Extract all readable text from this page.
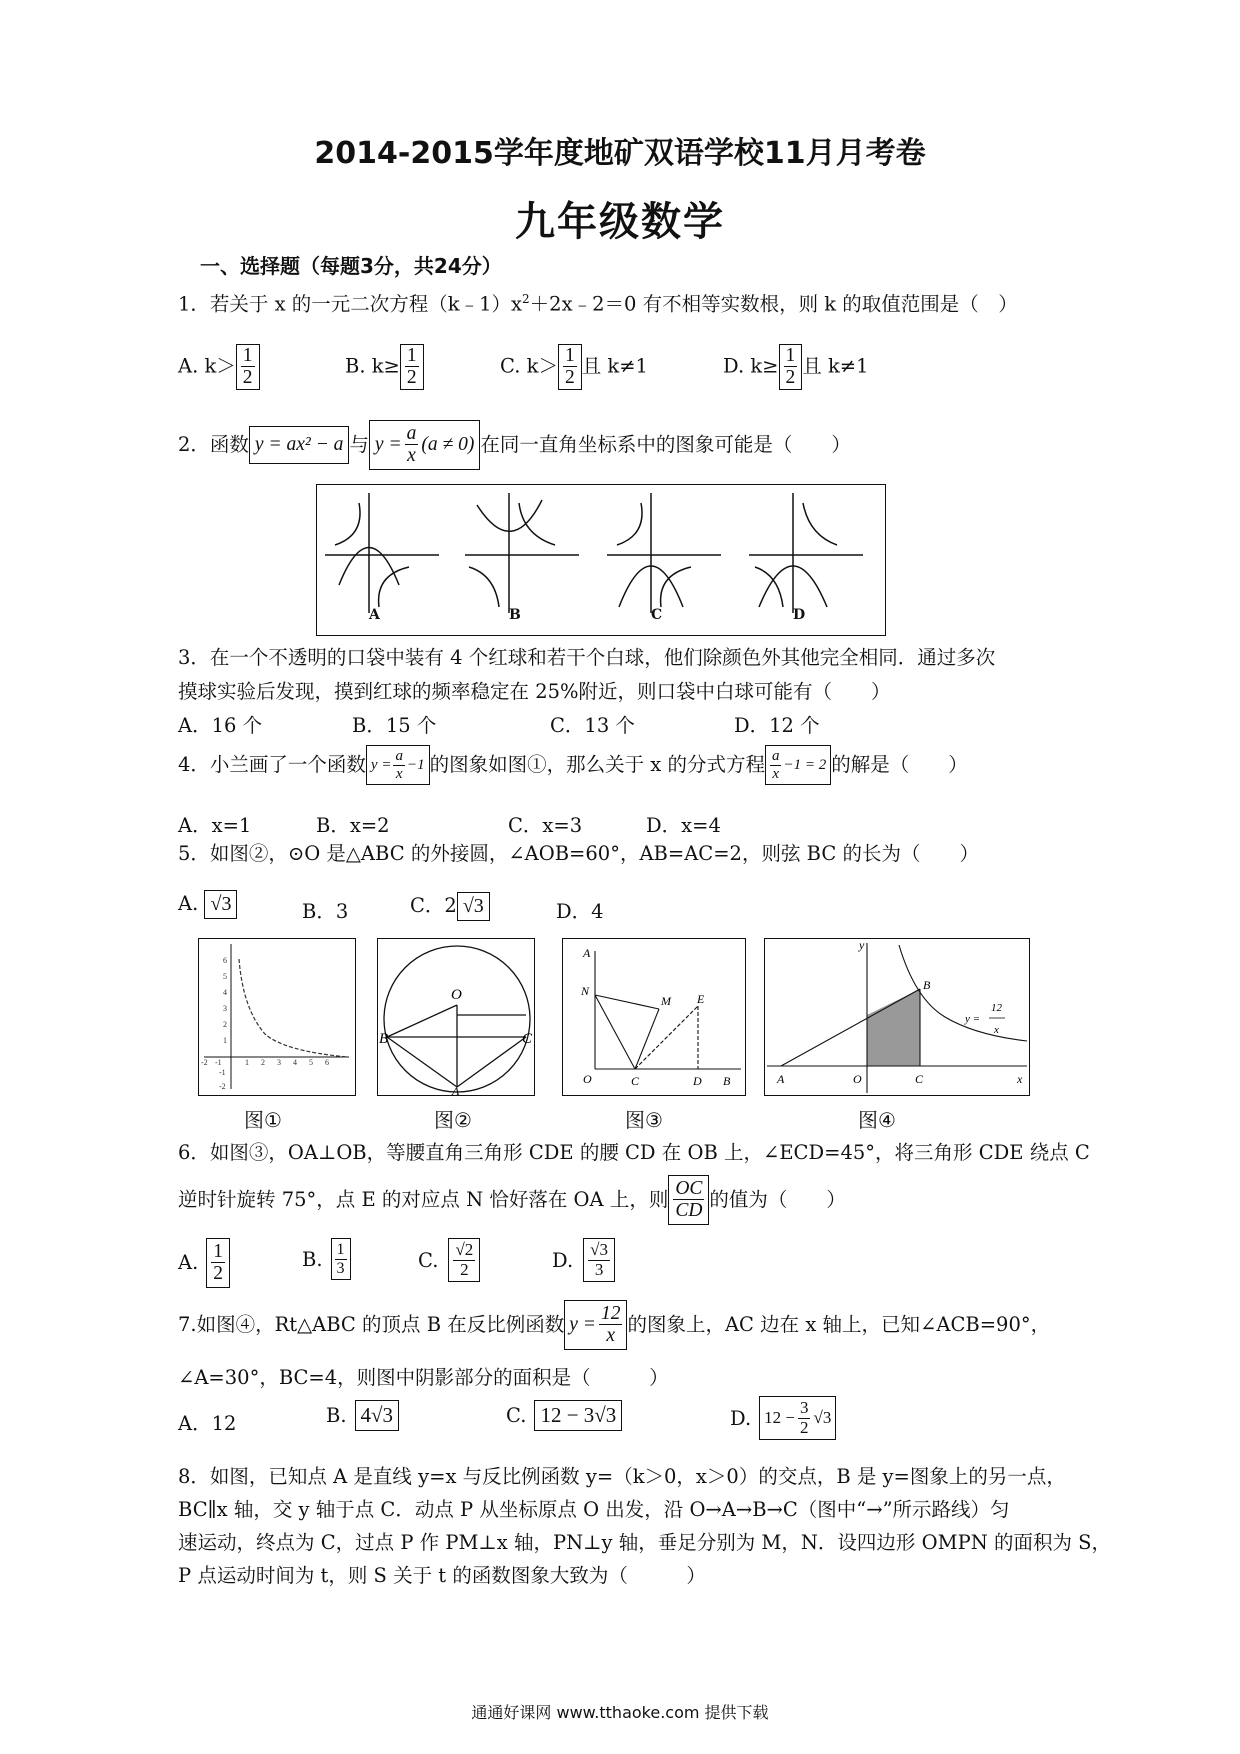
2014-2015学年度地矿双语学校11月月考卷
九年级数学
一、选择题（每题3分，共24分）
1．若关于 x 的一元二次方程$(k﹣1)x^2+2x﹣2=0$ 有不相等实数根，则 k 的取值范围是（　）
A. $k> \frac{1}{2}$	B. $k\ge \frac{1}{2}$	C. $k> \frac{1}{2}$ 且 k≠1	D. $k\ge \frac{1}{2}$ 且 k≠1
2．函数 y = ax² − a 与 $y = \frac{a}{x} (a \ne 0)$ 在同一直角坐标系中的图象可能是（　　）
A	B	C	D
3．在一个不透明的口袋中装有 4 个红球和若干个白球，他们除颜色外其他完全相同．通过多次
摸球实验后发现，摸到红球的频率稳定在 25%附近，则口袋中白球可能有（　　）
A．16 个	B．15 个	C．13 个	D．12 个
4．小兰画了一个函数 $y = \frac{a}{x} -1$ 的图象如图①，那么关于 x 的分式方程 $\frac{a}{x} -1 = 2$ 的解是（　　）
A．x=1	B．x=2	C．x=3	D．x=4
5．如图②，⊙O 是△ABC 的外接圆，∠AOB=60°，AB=AC=2，则弦 BC 的长为（　　）
A. √3	B．3	C．2 √3	D．4
-2 -1	1 2 3 4 5 6
6
5
4
3
2
1
-1
-2
O
B	C
A
A
N
M E
O	C	D B
y
B
A	O	C	x
y =
12
x
图①	图②	图③	图④
6．如图③，OA⊥OB，等腰直角三角形 CDE 的腰 CD 在 OB 上，∠ECD=45°，将三角形 CDE 绕点 C
逆时针旋转 75°，点 E 的对应点 N 恰好落在 OA 上，则 $\frac{OC}{CD}$ 的值为（　　）
A. $\frac{1}{2}$	B. $\frac{1}{3}$	C. $\frac{√2}{2}$	D. $\frac{√3}{3}$
7.如图④，Rt△ABC 的顶点 B 在反比例函数 $y = \frac{12}{x}$ 的图象上，AC 边在 x 轴上，已知∠ACB=90°，
∠A=30°，BC=4，则图中阴影部分的面积是（　　　）
A．12	B. 4√3	C. 12 − 3√3	D. $12 - \frac{3}{2} √3$
8．如图，已知点 A 是直线 y=x 与反比例函数 y=（k＞0，x＞0）的交点，B 是 y=图象上的另一点，
BC∥x 轴，交 y 轴于点 C．动点 P 从坐标原点 O 出发，沿 O→A→B→C（图中“→”所示路线）匀
速运动，终点为 C，过点 P 作 PM⊥x 轴，PN⊥y 轴，垂足分别为 M，N．设四边形 OMPN 的面积为 S，
P 点运动时间为 t，则 S 关于 t 的函数图象大致为（　　　）
通通好课网 www.tthaoke.com 提供下载
